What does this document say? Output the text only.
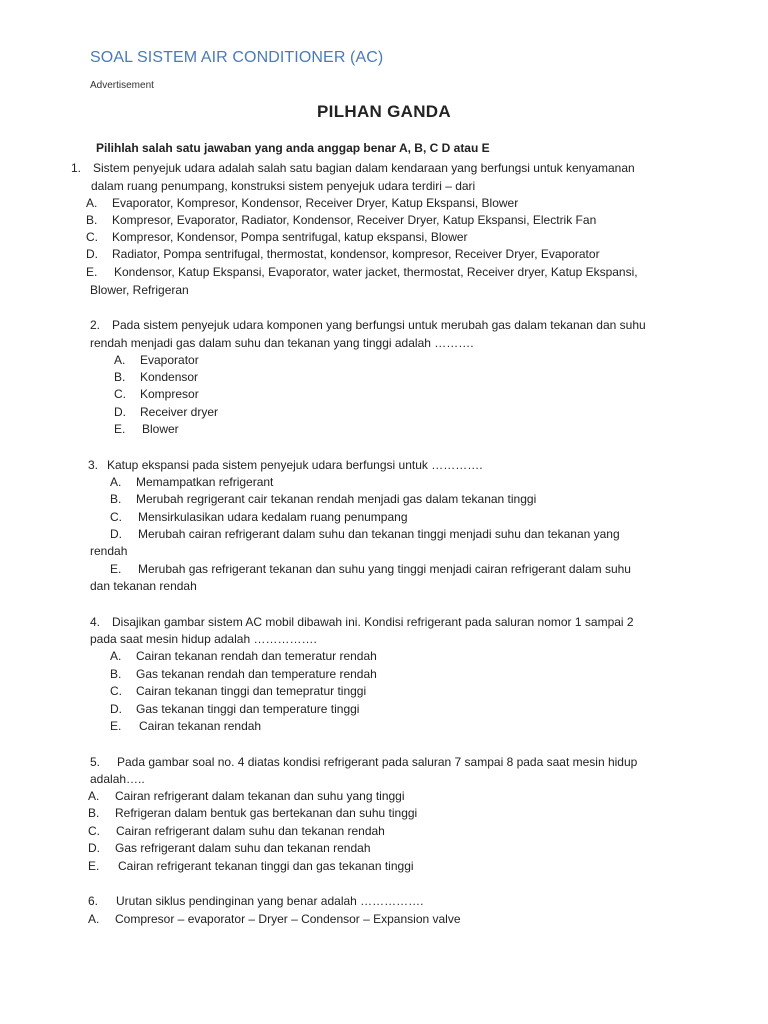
SOAL SISTEM AIR CONDITIONER (AC)
Advertisement
PILHAN GANDA
Pilihlah salah satu jawaban yang anda anggap benar A, B, C D atau E
1. Sistem penyejuk udara adalah salah satu bagian dalam kendaraan yang berfungsi untuk kenyamanan
dalam ruang penumpang, konstruksi sistem penyejuk udara terdiri – dari
A. Evaporator, Kompresor, Kondensor, Receiver Dryer, Katup Ekspansi, Blower
B. Kompresor, Evaporator, Radiator, Kondensor, Receiver Dryer, Katup Ekspansi, Electrik Fan
C. Kompresor, Kondensor, Pompa sentrifugal, katup ekspansi, Blower
D. Radiator, Pompa sentrifugal, thermostat, kondensor, kompresor, Receiver Dryer, Evaporator
E. Kondensor, Katup Ekspansi, Evaporator, water jacket, thermostat, Receiver dryer, Katup Ekspansi,
Blower, Refrigeran
2. Pada sistem penyejuk udara komponen yang berfungsi untuk merubah gas dalam tekanan dan suhu
rendah menjadi gas dalam suhu dan tekanan yang tinggi adalah ……….
A. Evaporator
B. Kondensor
C. Kompresor
D. Receiver dryer
E. Blower
3. Katup ekspansi pada sistem penyejuk udara berfungsi untuk ………….
A. Memampatkan refrigerant
B. Merubah regrigerant cair tekanan rendah menjadi gas dalam tekanan tinggi
C. Mensirkulasikan udara kedalam ruang penumpang
D. Merubah cairan refrigerant dalam suhu dan tekanan tinggi menjadi suhu dan tekanan yang
rendah
E. Merubah gas refrigerant tekanan dan suhu yang tinggi menjadi cairan refrigerant dalam suhu
dan tekanan rendah
4. Disajikan gambar sistem AC mobil dibawah ini. Kondisi refrigerant pada saluran nomor 1 sampai 2
pada saat mesin hidup adalah …………….
A. Cairan tekanan rendah dan temeratur rendah
B. Gas tekanan rendah dan temperature rendah
C. Cairan tekanan tinggi dan temepratur tinggi
D. Gas tekanan tinggi dan temperature tinggi
E. Cairan tekanan rendah
5. Pada gambar soal no. 4 diatas kondisi refrigerant pada saluran 7 sampai 8 pada saat mesin hidup
adalah…..
A. Cairan refrigerant dalam tekanan dan suhu yang tinggi
B. Refrigeran dalam bentuk gas bertekanan dan suhu tinggi
C. Cairan refrigerant dalam suhu dan tekanan rendah
D. Gas refrigerant dalam suhu dan tekanan rendah
E. Cairan refrigerant tekanan tinggi dan gas tekanan tinggi
6. Urutan siklus pendinginan yang benar adalah …………….
A. Compresor – evaporator – Dryer – Condensor – Expansion valve
